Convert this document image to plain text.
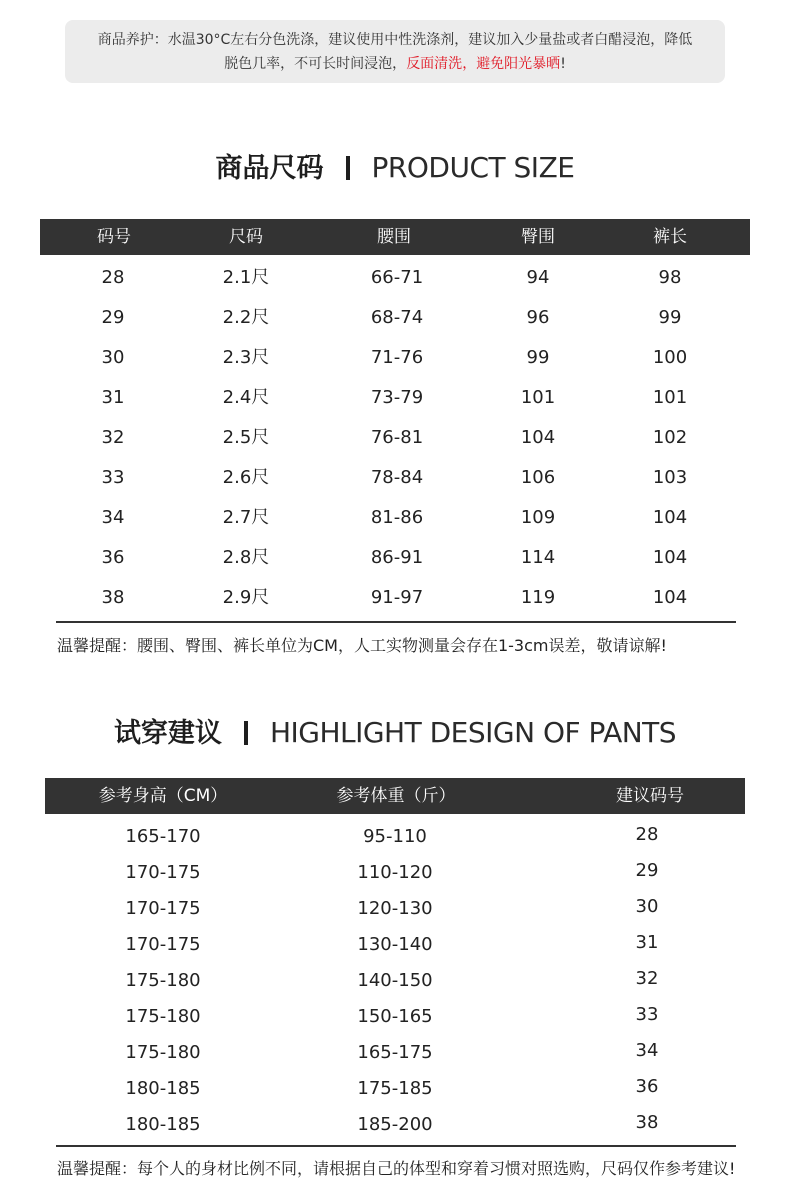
商品养护：水温30°C左右分色洗涤，建议使用中性洗涤剂，建议加入少量盐或者白醋浸泡，降低
脱色几率，不可长时间浸泡，反面清洗，避免阳光暴晒!
商品尺码 PRODUCT SIZE
码号	尺码	腰围	臀围	裤长
28	2.1尺	66-71	94	98
29	2.2尺	68-74	96	99
30	2.3尺	71-76	99	100
31	2.4尺	73-79	101	101
32	2.5尺	76-81	104	102
33	2.6尺	78-84	106	103
34	2.7尺	81-86	109	104
36	2.8尺	86-91	114	104
38	2.9尺	91-97	119	104
温馨提醒：腰围、臀围、裤长单位为CM，人工实物测量会存在1-3cm误差，敬请谅解!
试穿建议 HIGHLIGHT DESIGN OF PANTS
参考身高（CM）	参考体重（斤）	建议码号
165-170	95-110	28
170-175	110-120	29
170-175	120-130	30
170-175	130-140	31
175-180	140-150	32
175-180	150-165	33
175-180	165-175	34
180-185	175-185	36
180-185	185-200	38
温馨提醒：每个人的身材比例不同，请根据自己的体型和穿着习惯对照选购，尺码仅作参考建议!
